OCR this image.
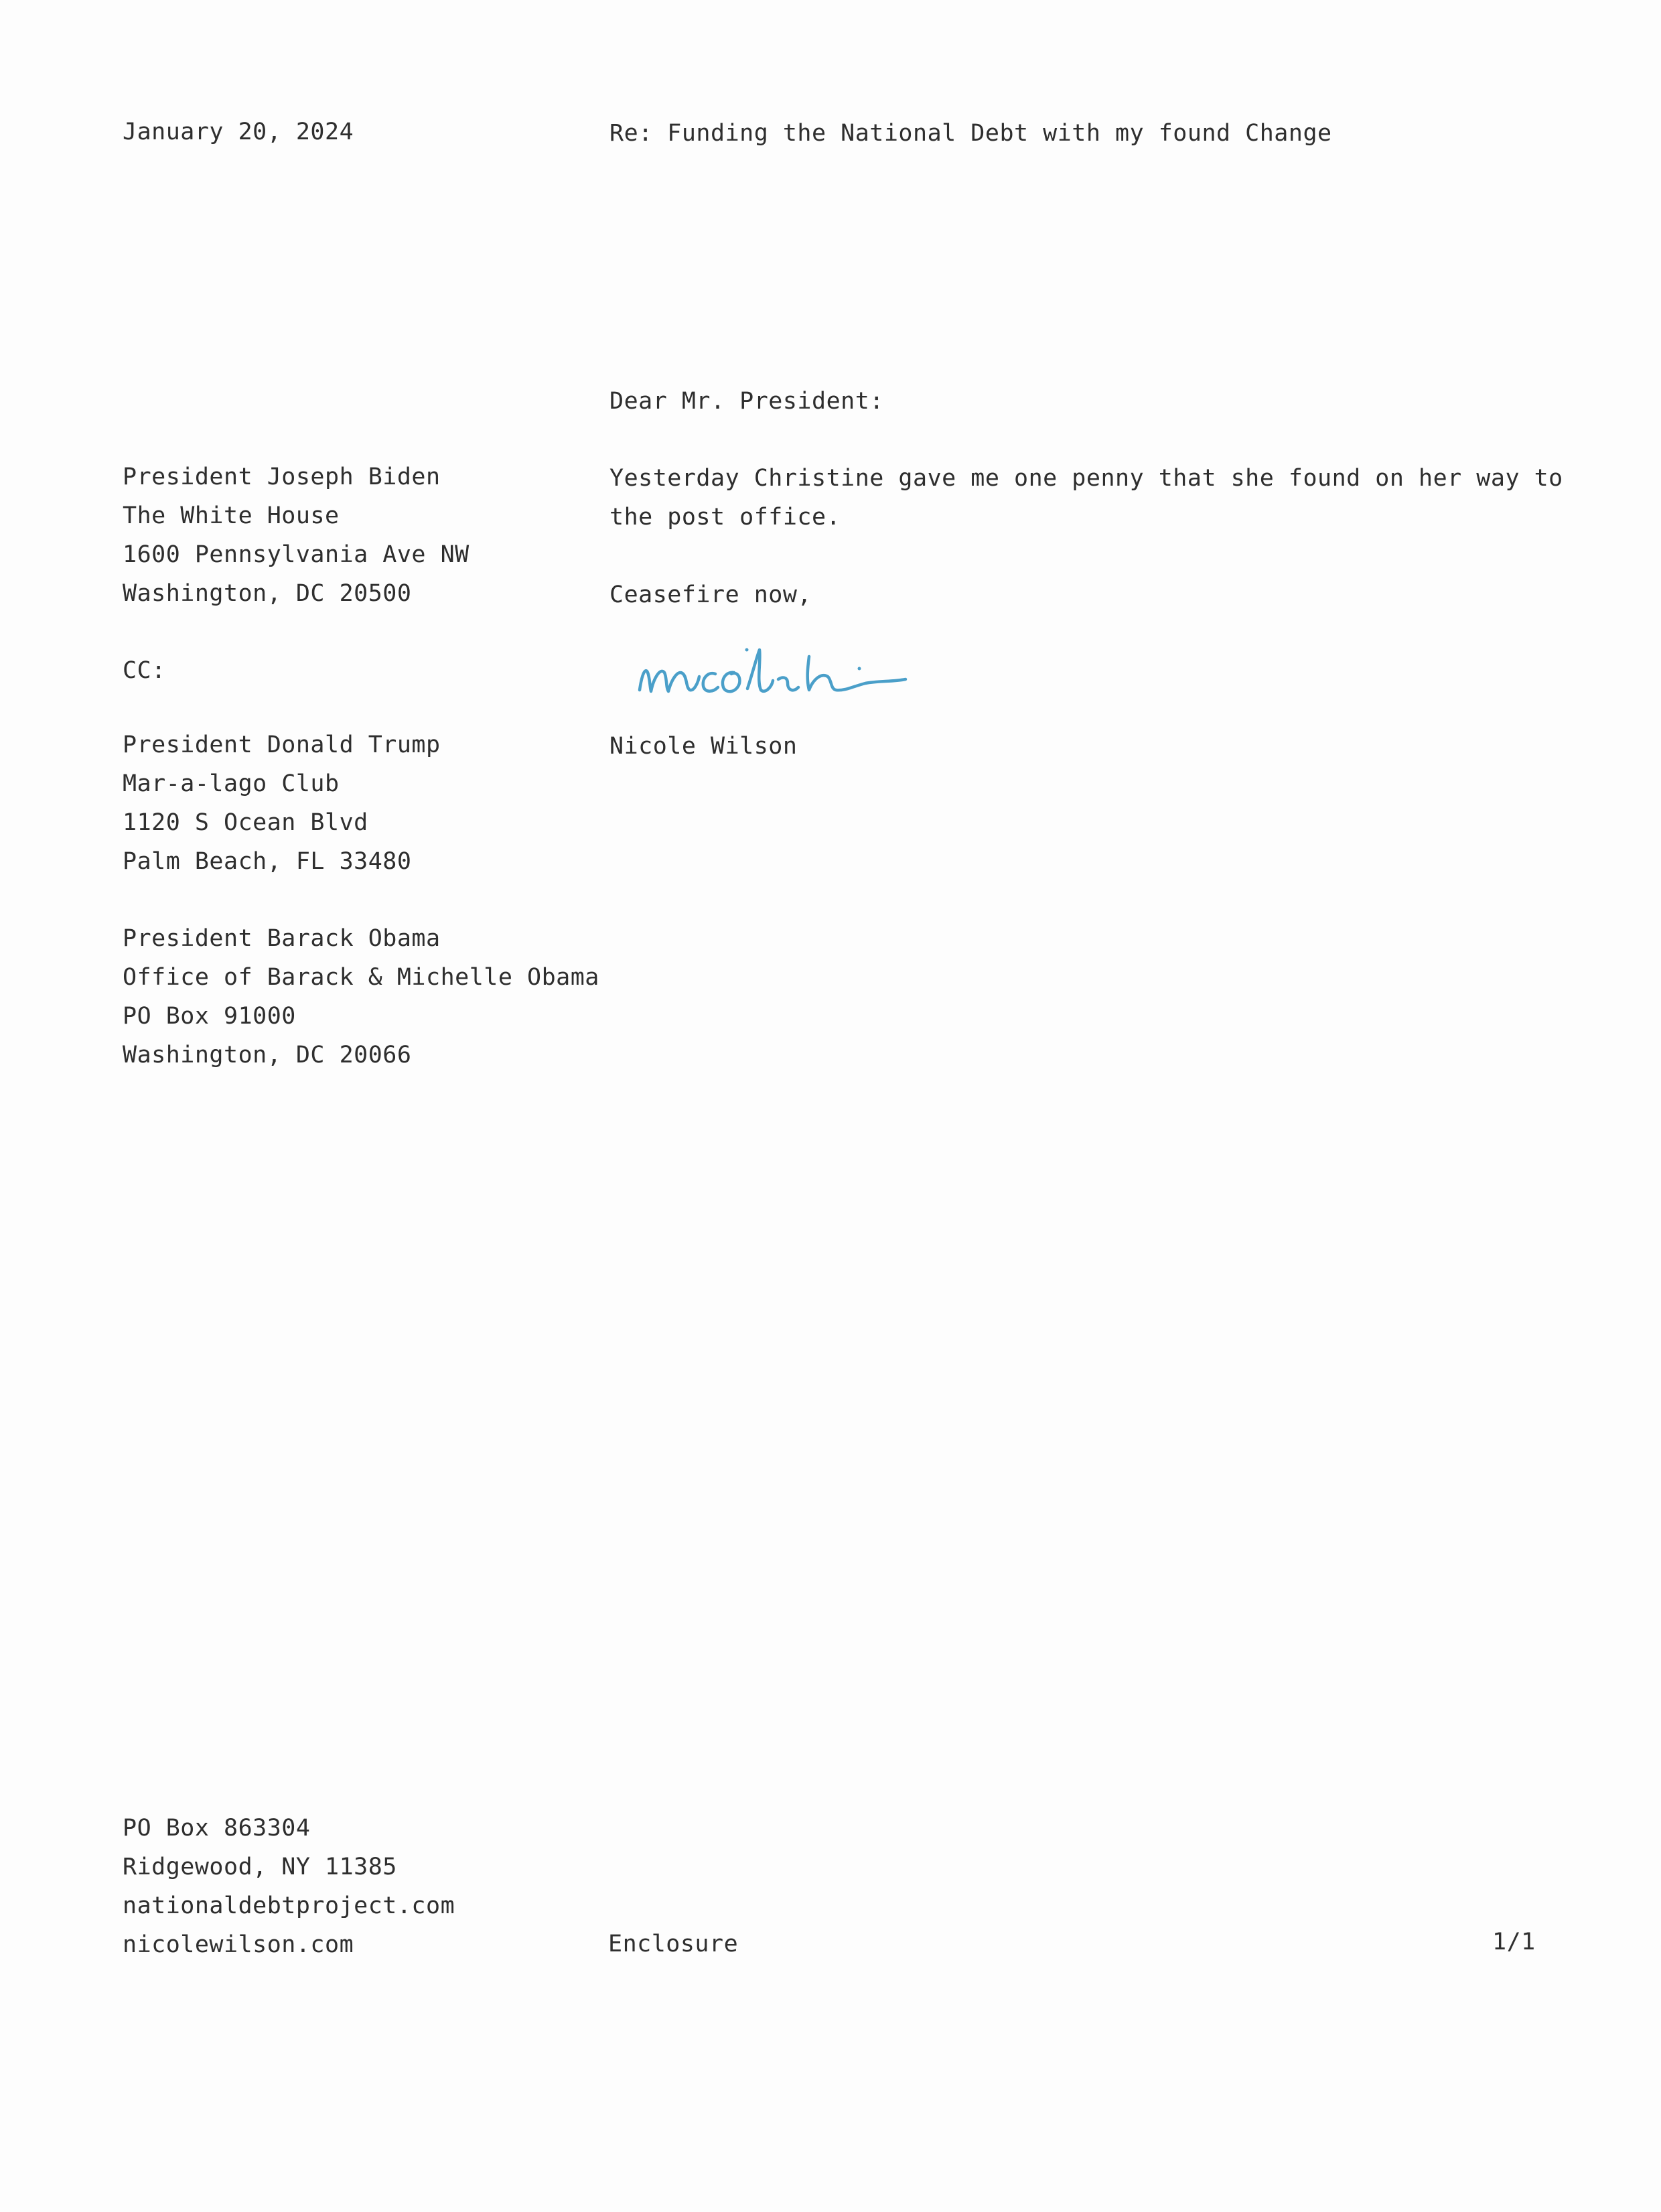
January 20, 2024	Re: Funding the National Debt with my found Change
Dear Mr. President:
Yesterday Christine gave me one penny that she found on her way to
the post office.
Ceasefire now,
Nicole Wilson
President Joseph Biden
The White House
1600 Pennsylvania Ave NW
Washington, DC 20500
CC:
President Donald Trump
Mar-a-lago Club
1120 S Ocean Blvd
Palm Beach, FL 33480
President Barack Obama
Office of Barack & Michelle Obama
PO Box 91000
Washington, DC 20066
PO Box 863304
Ridgewood, NY 11385
nationaldebtproject.com
nicolewilson.com	Enclosure	1/1
